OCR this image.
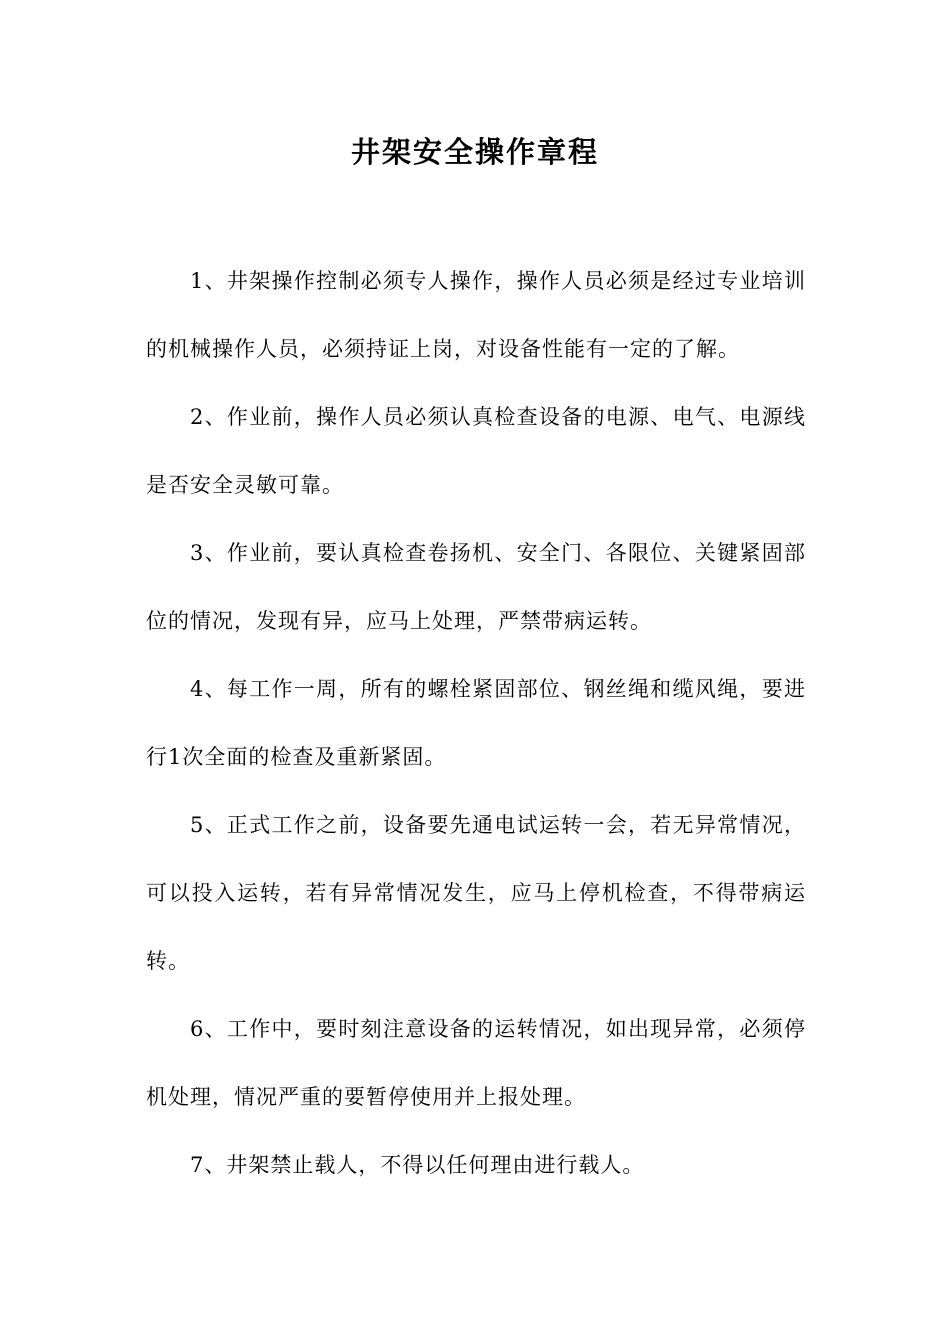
井架安全操作章程

1、井架操作控制必须专人操作，操作人员必须是经过专业培训的机械操作人员，必须持证上岗，对设备性能有一定的了解。

2、作业前，操作人员必须认真检查设备的电源、电气、电源线是否安全灵敏可靠。

3、作业前，要认真检查卷扬机、安全门、各限位、关键紧固部位的情况，发现有异，应马上处理，严禁带病运转。

4、每工作一周，所有的螺栓紧固部位、钢丝绳和缆风绳，要进行1次全面的检查及重新紧固。

5、正式工作之前，设备要先通电试运转一会，若无异常情况，可以投入运转，若有异常情况发生，应马上停机检查，不得带病运转。

6、工作中，要时刻注意设备的运转情况，如出现异常，必须停机处理，情况严重的要暂停使用并上报处理。

7、井架禁止载人，不得以任何理由进行载人。
